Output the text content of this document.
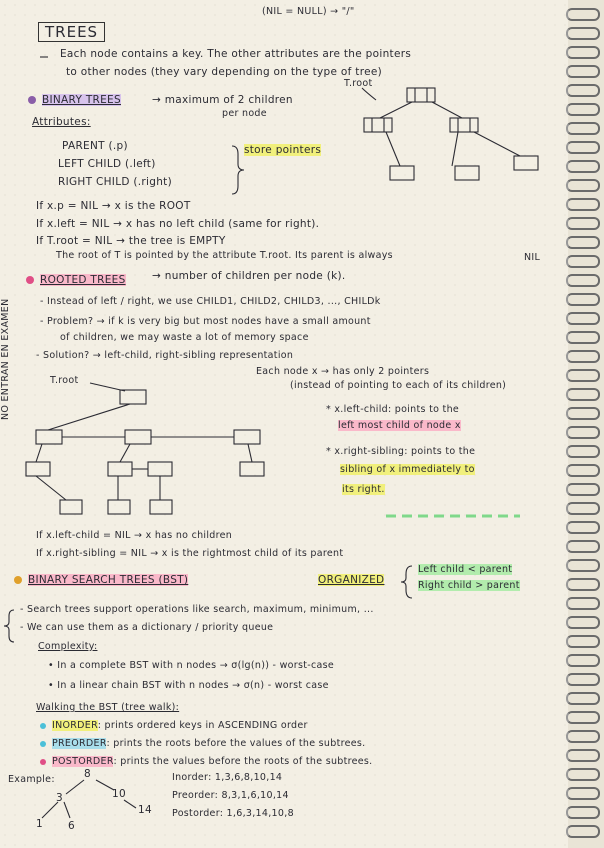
(NIL = NULL) → "/"
TREES
Each node contains a key. The other attributes are the pointers
to other nodes (they vary depending on the type of tree)
BINARY TREES	→ maximum of 2 children
per node
T.root
Attributes:
PARENT (.p)
LEFT CHILD (.left)
RIGHT CHILD (.right)
store pointers
If x.p = NIL → x is the ROOT
If x.left = NIL → x has no left child (same for right).
If T.root = NIL → the tree is EMPTY
The root of T is pointed by the attribute T.root. Its parent is always	NIL
NO ENTRAN EN EXAMEN
ROOTED TREES	→ number of children per node (k).
- Instead of left / right, we use CHILD1, CHILD2, CHILD3, ..., CHILDk
- Problem? → if k is very big but most nodes have a small amount
of children, we may waste a lot of memory space
- Solution? → left-child, right-sibling representation
T.root
Each node x → has only 2 pointers
(instead of pointing to each of its children)
* x.left-child: points to the
left most child of node x
* x.right-sibling: points to the
sibling of x immediately to
its right.
If x.left-child = NIL → x has no children
If x.right-sibling = NIL → x is the rightmost child of its parent
BINARY SEARCH TREES (BST)	ORGANIZED
Left child < parent
Right child > parent
- Search trees support operations like search, maximum, minimum, ...
- We can use them as a dictionary / priority queue
Complexity:
• In a complete BST with n nodes → σ(lg(n)) - worst-case
• In a linear chain BST with n nodes → σ(n) - worst case
Walking the BST (tree walk):
INORDER: prints ordered keys in ASCENDING order
PREORDER: prints the roots before the values of the subtrees.
POSTORDER: prints the values before the roots of the subtrees.
Example:	8
3	10
1 6
14
Inorder: 1,3,6,8,10,14
Preorder: 8,3,1,6,10,14
Postorder: 1,6,3,14,10,8
